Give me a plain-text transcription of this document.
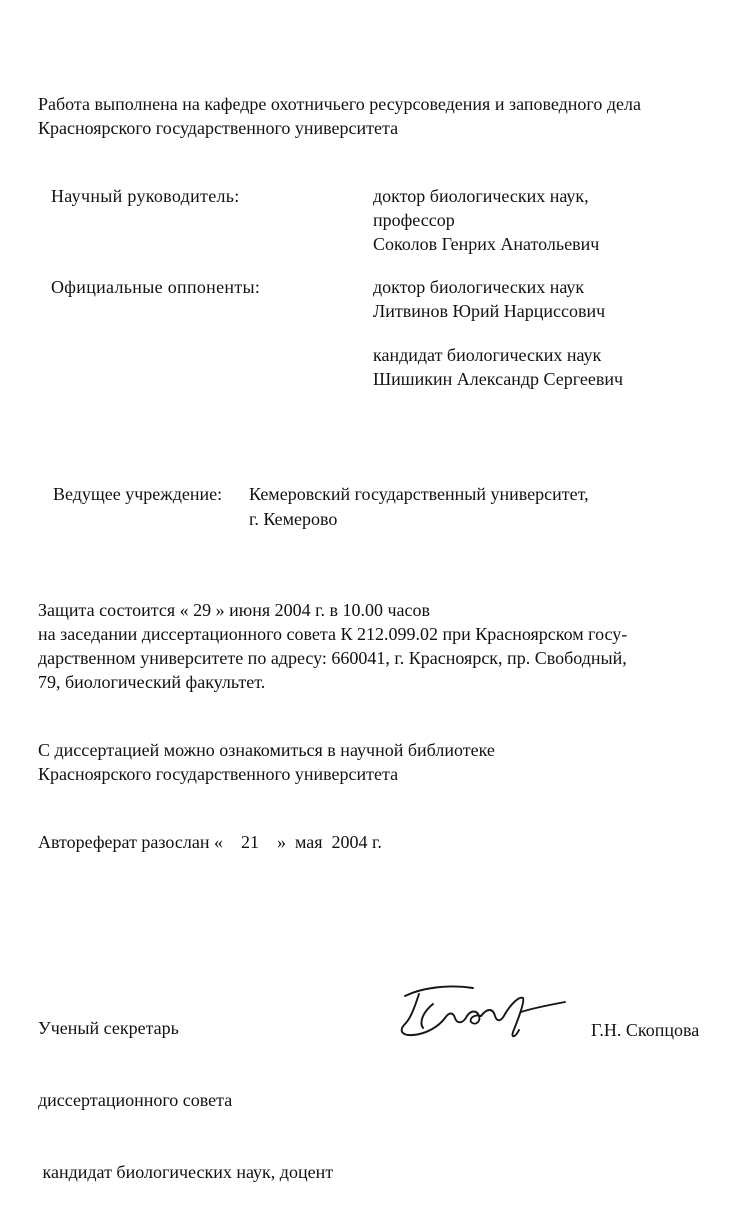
Работа выполнена на кафедре охотничьего ресурсоведения и заповедного дела
Красноярского государственного университета
Научный руководитель:	доктор биологических наук,
профессор
Соколов Генрих Анатольевич
Официальные оппоненты:	доктор биологических наук
Литвинов Юрий Нарциссович
кандидат биологических наук
Шишикин Александр Сергеевич
Ведущее учреждение: Кемеровский государственный университет,
г. Кемерово
Защита состоится « 29 » июня 2004 г. в 10.00 часов
на заседании диссертационного совета К 212.099.02 при Красноярском госу-
дарственном университете по адресу: 660041, г. Красноярск, пр. Свободный,
79, биологический факультет.
С диссертацией можно ознакомиться в научной библиотеке
Красноярского государственного университета
Автореферат разослан «    21    »  мая  2004 г.

Ученый секретарь

диссертационного совета

кандидат биологических наук, доцент

Г.Н. Скопцова
